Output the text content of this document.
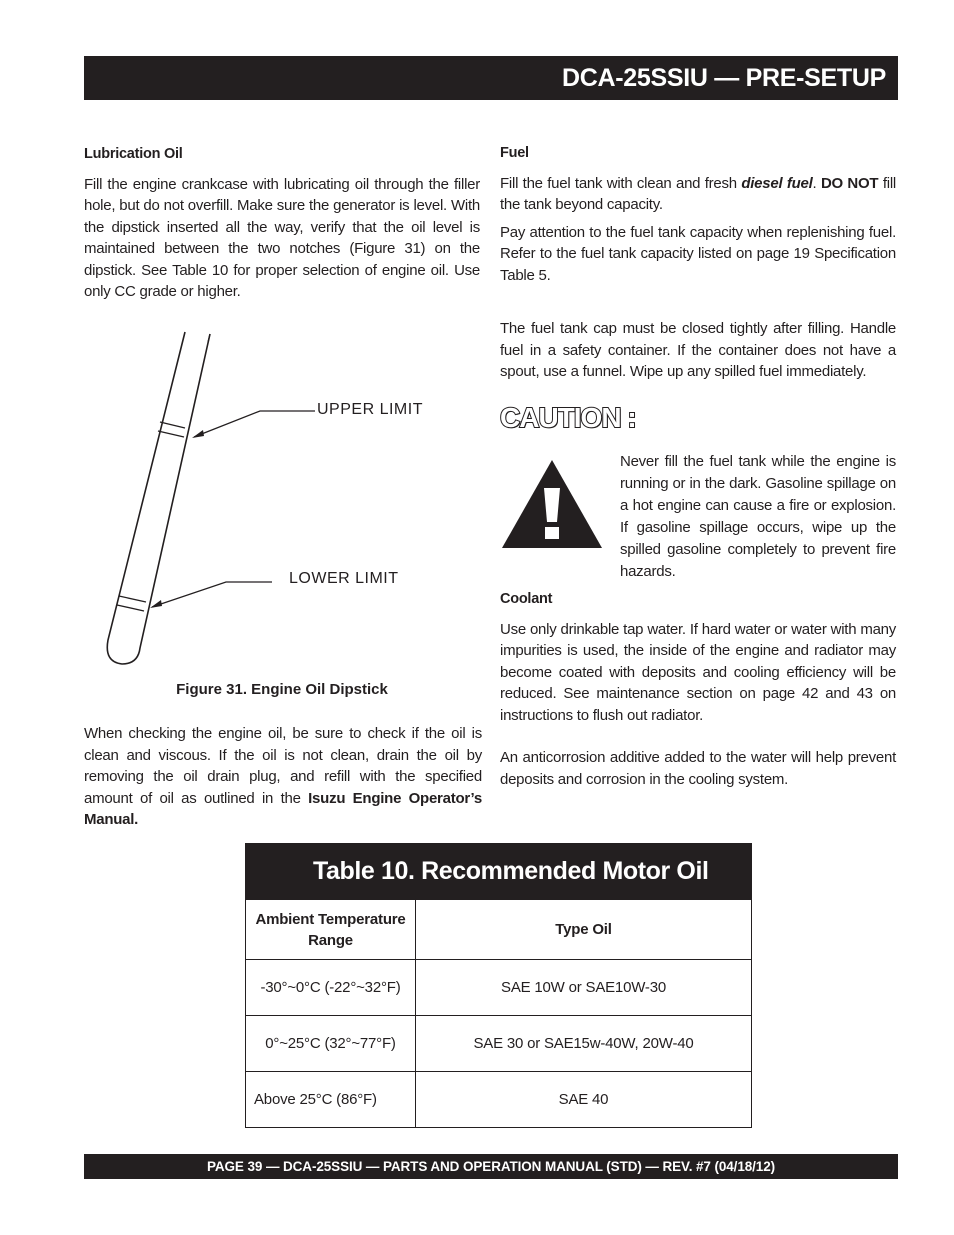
DCA-25SSIU — PRE-SETUP
Lubrication Oil

Fill the engine crankcase with lubricating oil through the filler hole, but do not overfill. Make sure the generator is level. With the dipstick inserted all the way, verify that the oil level is maintained between the two notches (Figure 31) on the dipstick. See Table 10 for proper selection of engine oil. Use only CC grade or higher.

UPPER LIMIT
LOWER LIMIT
Figure 31. Engine Oil Dipstick

When checking the engine oil, be sure to check if the oil is clean and viscous. If the oil is not clean, drain the oil by removing the oil drain plug, and refill with the specified amount of oil as outlined in the Isuzu Engine Operator’s Manual.

Fuel

Fill the fuel tank with clean and fresh diesel fuel. DO NOT fill the tank beyond capacity.

Pay attention to the fuel tank capacity when replenishing fuel. Refer to the fuel tank capacity listed on page 19 Specification Table 5.

The fuel tank cap must be closed tightly after filling. Handle fuel in a safety container. If the container does not have a spout, use a funnel. Wipe up any spilled fuel immediately.

CAUTION :
Never fill the fuel tank while the engine is running or in the dark. Gasoline spillage on a hot engine can cause a fire or explosion. If gasoline spillage occurs, wipe up the spilled gasoline completely to prevent fire hazards.
Coolant

Use only drinkable tap water. If hard water or water with many impurities is used, the inside of the engine and radiator may become coated with deposits and cooling efficiency will be reduced. See maintenance section on page 42 and 43 on instructions to flush out radiator.

An anticorrosion additive added to the water will help prevent deposits and corrosion in the cooling system.

Table 10. Recommended Motor Oil
Ambient Temperature Range	Type Oil
-30°~0°C (-22°~32°F)	SAE 10W or SAE10W-30
0°~25°C (32°~77°F)	SAE 30 or SAE15w-40W, 20W-40
Above 25°C (86°F)	SAE 40
PAGE 39 — DCA-25SSIU — PARTS AND OPERATION MANUAL (STD) — REV. #7 (04/18/12)
